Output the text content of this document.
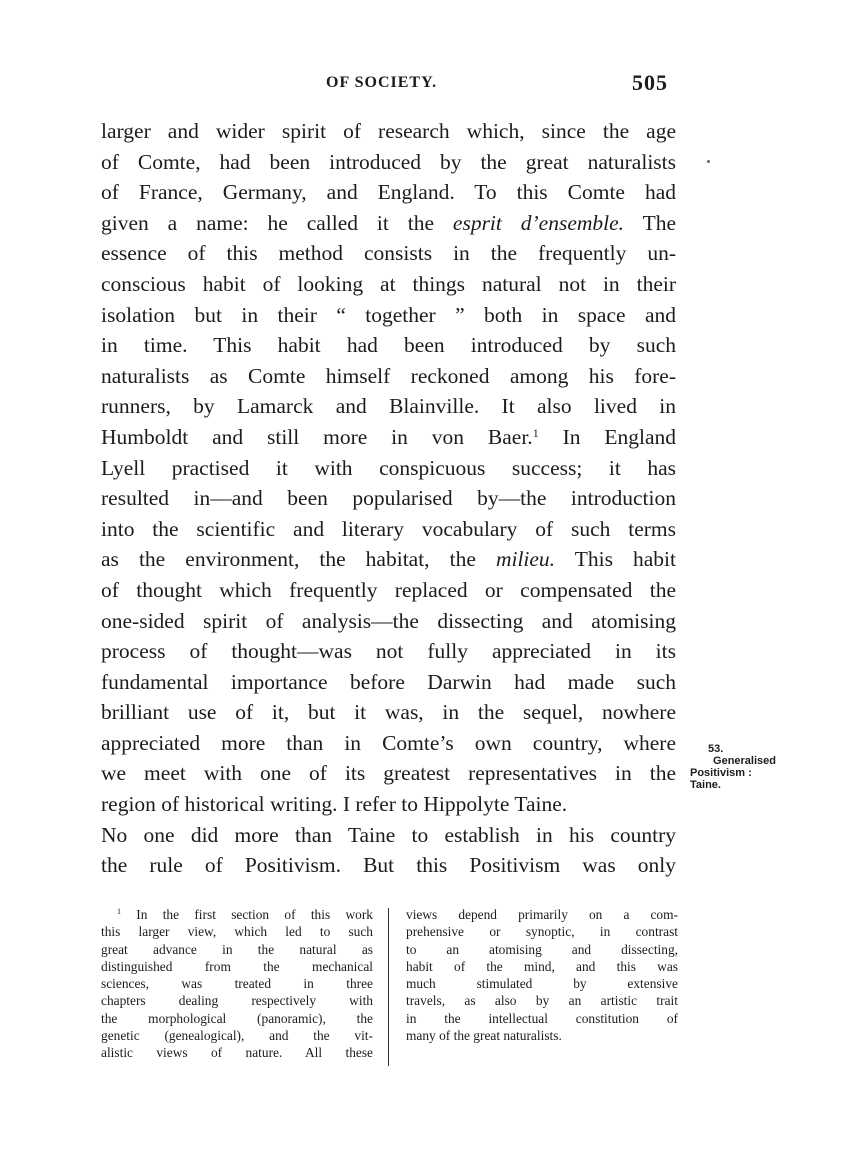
OF SOCIETY.	505
larger and wider spirit of research which, since the age
of Comte, had been introduced by the great naturalists
of France, Germany, and England. To this Comte had
given a name: he called it the esprit d’ensemble. The
essence of this method consists in the frequently un-
conscious habit of looking at things natural not in their
isolation but in their “ together ” both in space and
in time. This habit had been introduced by such
naturalists as Comte himself reckoned among his fore-
runners, by Lamarck and Blainville. It also lived in
Humboldt and still more in von Baer.$^1$ In England
Lyell practised it with conspicuous success; it has
resulted in—and been popularised by—the introduction
into the scientific and literary vocabulary of such terms
as the environment, the habitat, the milieu. This habit
of thought which frequently replaced or compensated the
one-sided spirit of analysis—the dissecting and atomising
process of thought—was not fully appreciated in its
fundamental importance before Darwin had made such
brilliant use of it, but it was, in the sequel, nowhere
appreciated more than in Comte’s own country, where
we meet with one of its greatest representatives in the
region of historical writing. I refer to Hippolyte Taine.
No one did more than Taine to establish in his country
the rule of Positivism. But this Positivism was only
53.
Generalised
Positivism :
Taine.
$^1$ In the first section of this work
this larger view, which led to such
great advance in the natural as
distinguished from the mechanical
sciences, was treated in three
chapters dealing respectively with
the morphological (panoramic), the
genetic (genealogical), and the vit-
alistic views of nature. All these
views depend primarily on a com-
prehensive or synoptic, in contrast
to an atomising and dissecting,
habit of the mind, and this was
much stimulated by extensive
travels, as also by an artistic trait
in the intellectual constitution of
many of the great naturalists.
